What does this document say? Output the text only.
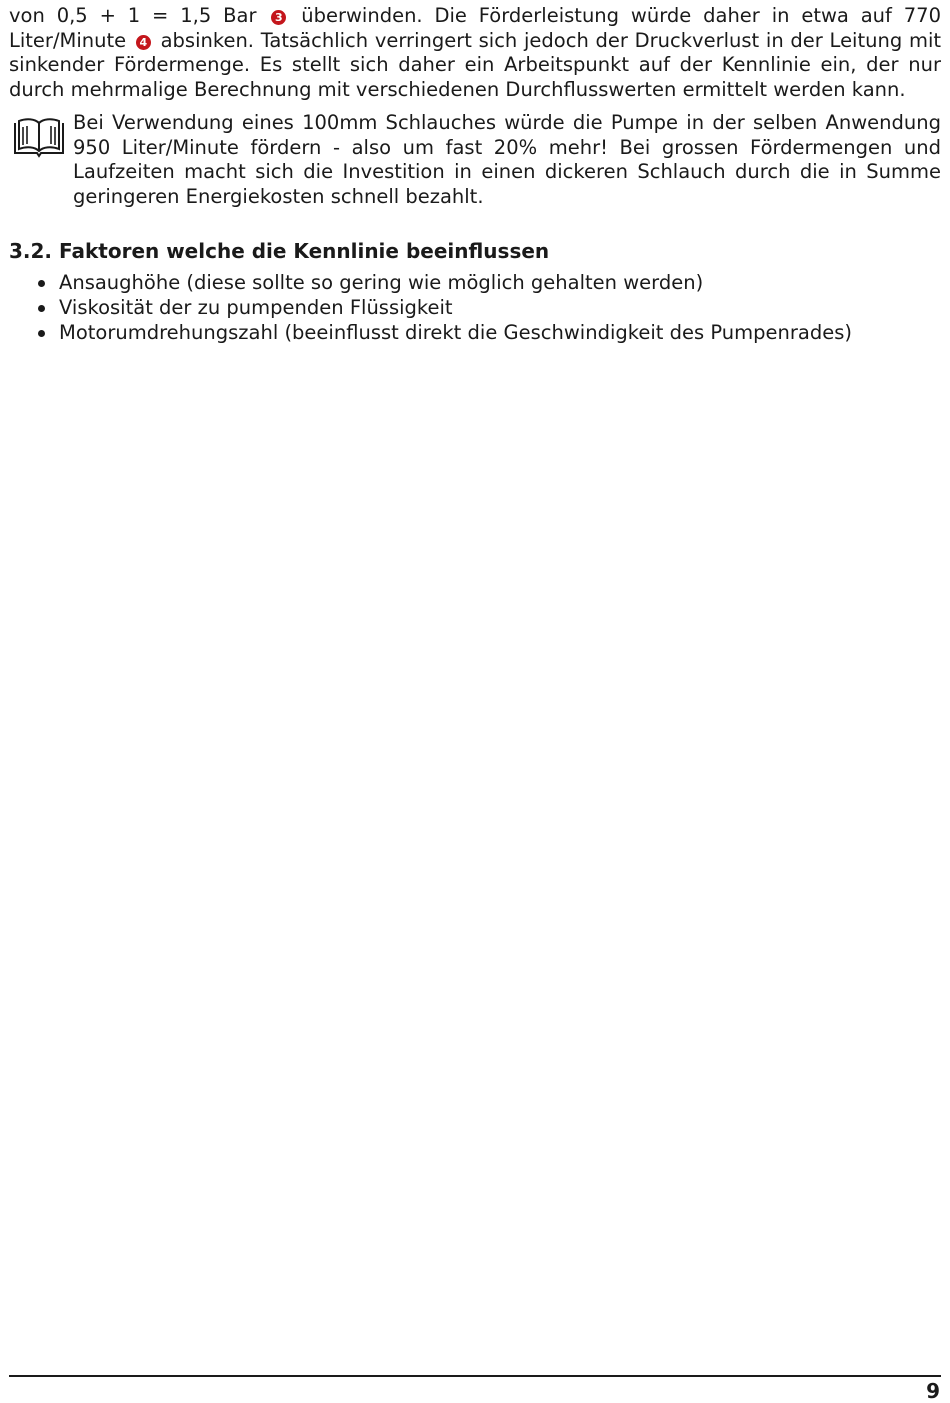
von 0,5 + 1 = 1,5 Bar 3 überwinden. Die Förderleistung würde daher in etwa auf 770 Liter/Minute 4 absinken. Tatsächlich verringert sich jedoch der Druckverlust in der Leitung mit sinkender Fördermenge. Es stellt sich daher ein Arbeitspunkt auf der Kennlinie ein, der nur durch mehrmalige Berechnung mit verschiedenen Durchflusswerten ermittelt werden kann.

Bei Verwendung eines 100mm Schlauches würde die Pumpe in der selben Anwendung 950 Liter/Minute fördern - also um fast 20% mehr! Bei grossen Fördermengen und Laufzeiten macht sich die Investition in einen dickeren Schlauch durch die in Summe geringeren Energiekosten schnell bezahlt.

3.2. Faktoren welche die Kennlinie beeinflussen
Ansaughöhe (diese sollte so gering wie möglich gehalten werden)
Viskosität der zu pumpenden Flüssigkeit
Motorumdrehungszahl (beeinflusst direkt die Geschwindigkeit des Pumpenrades)
9
